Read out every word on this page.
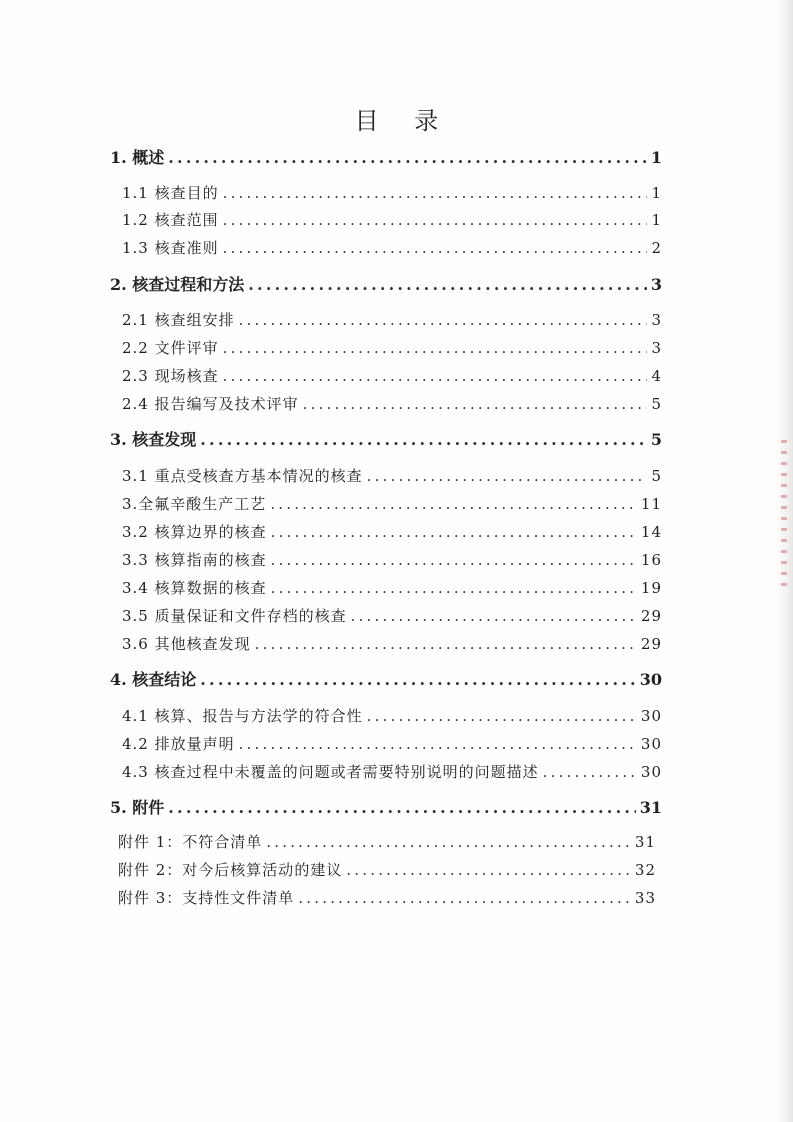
目 录
1. 概述 .....	1
1.1 核查目的 .....	1
1.2 核查范围 .....	1
1.3 核查准则 .....	2
2. 核查过程和方法 .....	3
2.1 核查组安排 .....	3
2.2 文件评审 .....	3
2.3 现场核查 .....	4
2.4 报告编写及技术评审 .....	5
3. 核查发现 .....	5
3.1 重点受核查方基本情况的核查 .....	5
3.全氟辛酸生产工艺 .....	11
3.2 核算边界的核查 .....	14
3.3 核算指南的核查 .....	16
3.4 核算数据的核查 .....	19
3.5 质量保证和文件存档的核查 .....	29
3.6 其他核查发现 .....	29
4. 核查结论 .....	30
4.1 核算、报告与方法学的符合性 .....	30
4.2 排放量声明 .....	30
4.3 核查过程中未覆盖的问题或者需要特别说明的问题描述 .....	30
5. 附件 .....	31
附件 1：不符合清单 .....	31
附件 2：对今后核算活动的建议 .....	32
附件 3：支持性文件清单 .....	33
